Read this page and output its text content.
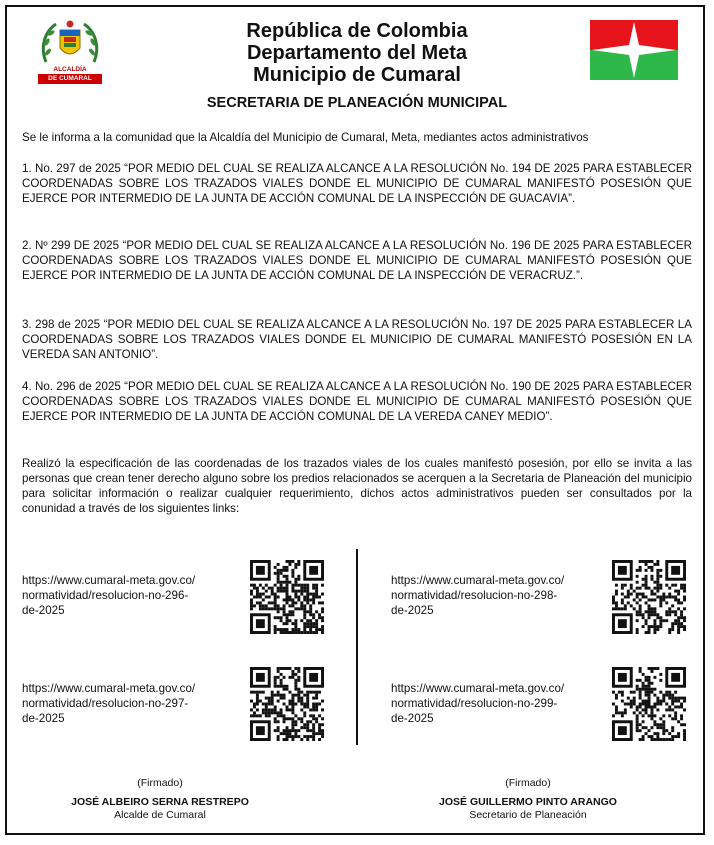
ALCALDÍA
DE CUMARAL
República de Colombia
Departamento del Meta
Municipio de Cumaral
SECRETARIA DE PLANEACIÓN MUNICIPAL
Se le informa a la comunidad que la Alcaldía del Municipio de Cumaral, Meta, mediantes actos administrativos
1. No. 297 de 2025 “POR MEDIO DEL CUAL SE REALIZA ALCANCE A LA RESOLUCIÓN No. 194 DE 2025 PARA ESTABLECER COORDENADAS SOBRE LOS TRAZADOS VIALES DONDE EL MUNICIPIO DE CUMARAL MANIFESTÓ POSESIÓN QUE EJERCE POR INTERMEDIO DE LA JUNTA DE ACCIÓN COMUNAL DE LA INSPECCIÓN DE GUACAVIA”.
2. Nº 299 DE 2025 “POR MEDIO DEL CUAL SE REALIZA ALCANCE A LA RESOLUCIÓN No. 196 DE 2025 PARA ESTABLECER COORDENADAS SOBRE LOS TRAZADOS VIALES DONDE EL MUNICIPIO DE CUMARAL MANIFESTÓ POSESIÓN QUE EJERCE POR INTERMEDIO DE LA JUNTA DE ACCIÓN COMUNAL DE LA INSPECCIÓN DE VERACRUZ.”.
3. 298 de 2025 “POR MEDIO DEL CUAL SE REALIZA ALCANCE A LA RESOLUCIÓN No. 197 DE 2025 PARA ESTABLECER LA COORDENADAS SOBRE LOS TRAZADOS VIALES DONDE EL MUNICIPIO DE CUMARAL MANIFESTÓ POSESIÓN EN LA VEREDA SAN ANTONIO”.
4. No. 296 de 2025 “POR MEDIO DEL CUAL SE REALIZA ALCANCE A LA RESOLUCIÓN No. 190 DE 2025 PARA ESTABLECER COORDENADAS SOBRE LOS TRAZADOS VIALES DONDE EL MUNICIPIO DE CUMARAL MANIFESTÓ POSESIÓN QUE EJERCE POR INTERMEDIO DE LA JUNTA DE ACCIÓN COMUNAL DE LA VEREDA CANEY MEDIO”.
Realizó la especificación de las coordenadas de los trazados viales de los cuales manifestó posesión, por ello se invita a las personas que crean tener derecho alguno sobre los predios relacionados se acerquen a la Secretaria de Planeación del municipio para solicitar información o realizar cualquier requerimiento, dichos actos administrativos pueden ser consultados por la conunidad a través de los siguientes links:
https://www.cumaral-meta.gov.co/
normatividad/resolucion-no-296-
de-2025
https://www.cumaral-meta.gov.co/
normatividad/resolucion-no-297-
de-2025
https://www.cumaral-meta.gov.co/
normatividad/resolucion-no-298-
de-2025
https://www.cumaral-meta.gov.co/
normatividad/resolucion-no-299-
de-2025
(Firmado)
JOSÉ ALBEIRO SERNA RESTREPO
Alcalde de Cumaral
(Firmado)
JOSÉ GUILLERMO PINTO ARANGO
Secretario de Planeación
